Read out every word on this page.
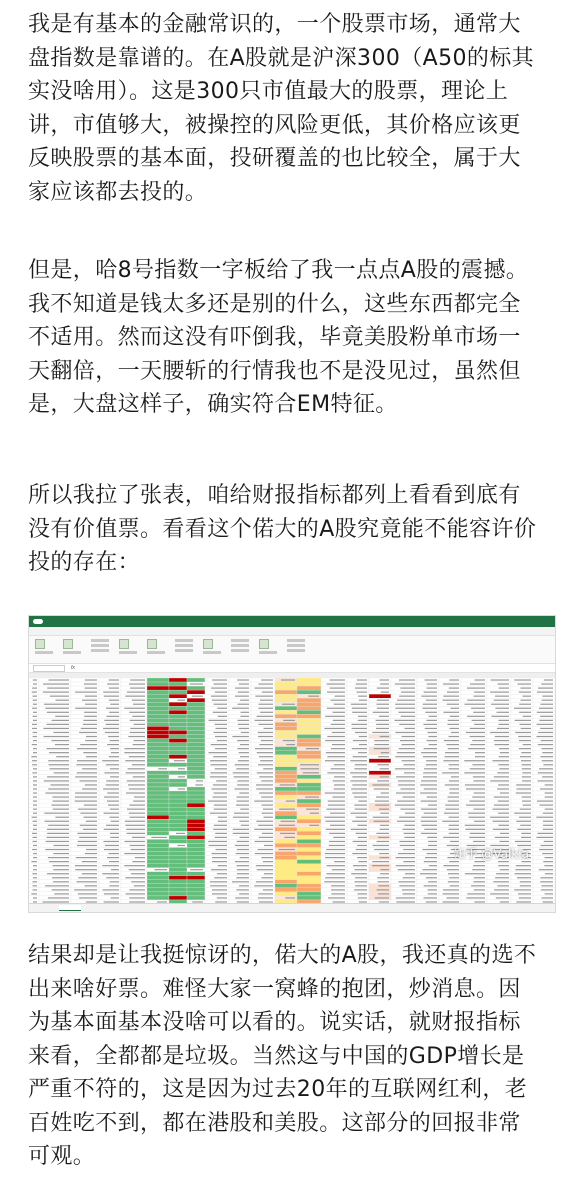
我是有基本的金融常识的，一个股票市场，通常大
盘指数是靠谱的。在A股就是沪深300（A50的标其
实没啥用）。这是300只市值最大的股票，理论上
讲，市值够大，被操控的风险更低，其价格应该更
反映股票的基本面，投研覆盖的也比较全，属于大
家应该都去投的。

但是，哈8号指数一字板给了我一点点A股的震撼。
我不知道是钱太多还是别的什么，这些东西都完全
不适用。然而这没有吓倒我，毕竟美股粉单市场一
天翻倍，一天腰斩的行情我也不是没见过，虽然但
是，大盘这样子，确实符合EM特征。

所以我拉了张表，咱给财报指标都列上看看到底有
没有价值票。看看这个偌大的A股究竟能不能容许价
投的存在：

fx
知乎 @Valkla

结果却是让我挺惊讶的，偌大的A股，我还真的选不
出来啥好票。难怪大家一窝蜂的抱团，炒消息。因
为基本面基本没啥可以看的。说实话，就财报指标
来看，全都都是垃圾。当然这与中国的GDP增长是
严重不符的，这是因为过去20年的互联网红利，老
百姓吃不到，都在港股和美股。这部分的回报非常
可观。
